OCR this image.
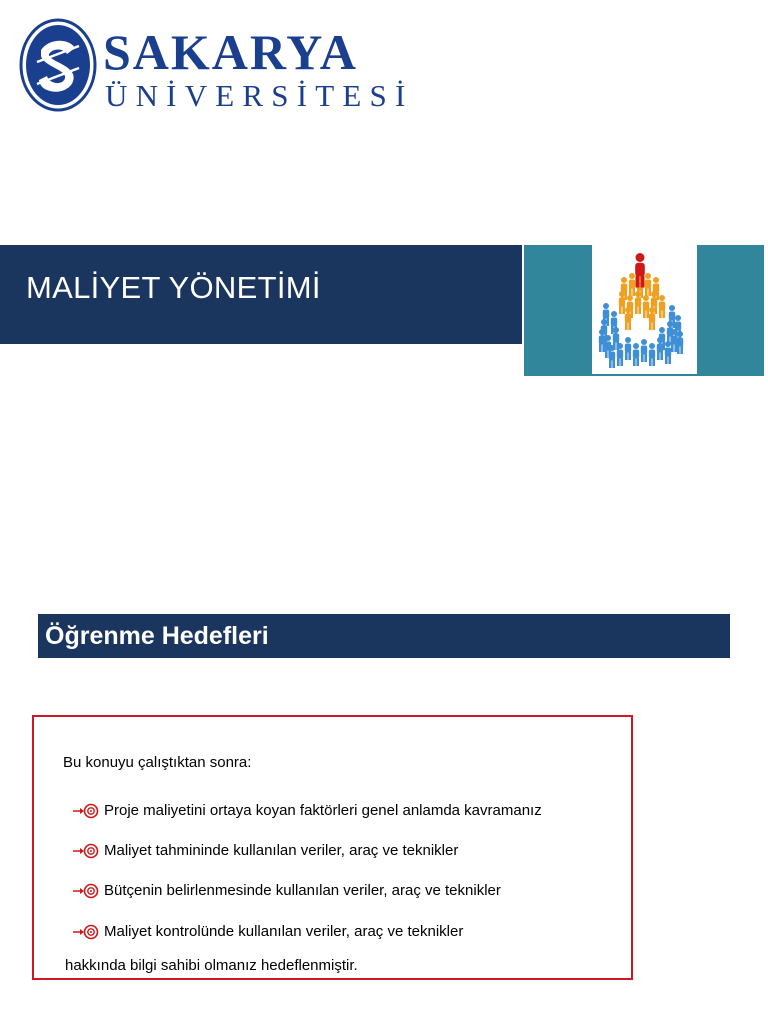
SAKARYA
ÜNİVERSİTESİ
MALİYET YÖNETİMİ
Öğrenme Hedefleri
Bu konuyu çalıştıktan sonra:
Proje maliyetini ortaya koyan faktörleri genel anlamda kavramanız
Maliyet tahmininde kullanılan veriler, araç ve teknikler
Bütçenin belirlenmesinde kullanılan veriler, araç ve teknikler
Maliyet kontrolünde kullanılan veriler, araç ve teknikler
hakkında bilgi sahibi olmanız hedeflenmiştir.
